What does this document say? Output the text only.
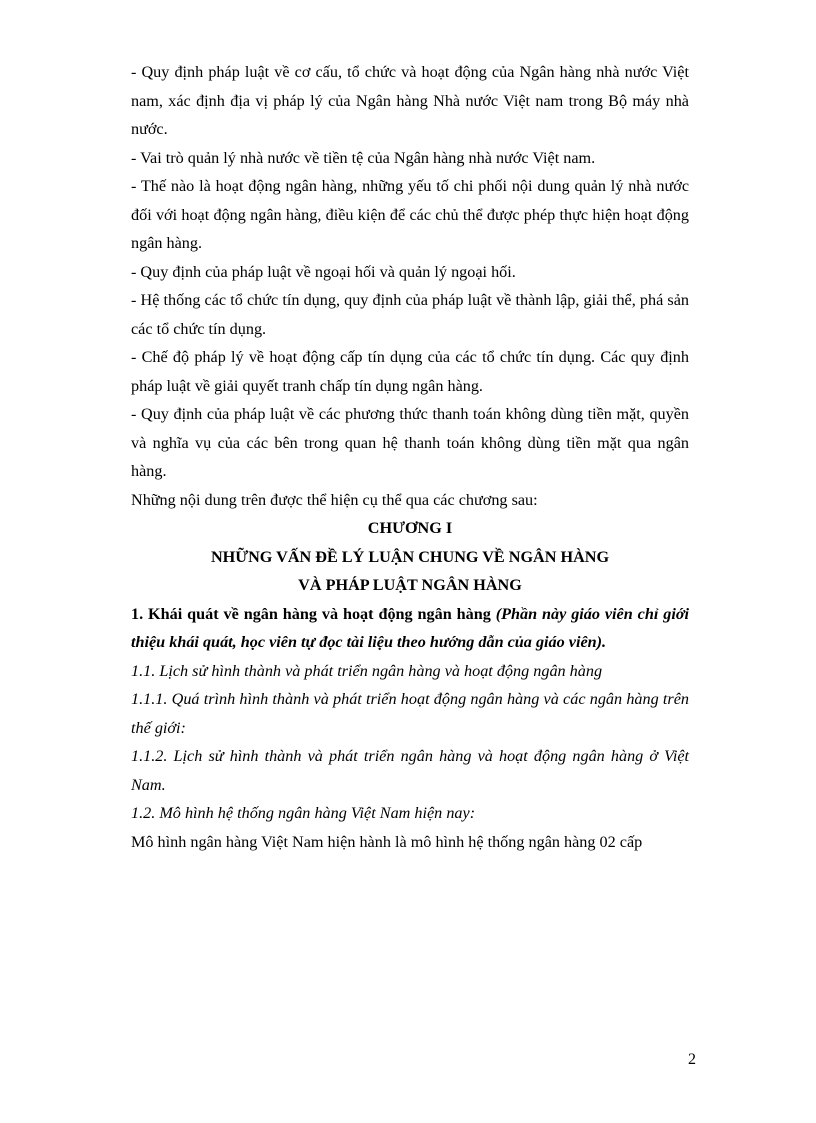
- Quy định pháp luật về cơ cấu, tổ chức và hoạt động của Ngân hàng nhà nước Việt nam, xác định địa vị pháp lý của Ngân hàng Nhà nước Việt nam trong Bộ máy nhà nước.

- Vai trò quản lý nhà nước về tiền tệ của Ngân hàng nhà nước Việt nam.

- Thế nào là hoạt động ngân hàng, những yếu tố chi phối nội dung quản lý nhà nước đối với hoạt động ngân hàng, điều kiện để các chủ thể được phép thực hiện hoạt động ngân hàng.

- Quy định của pháp luật về ngoại hối và quản lý ngoại hối.

- Hệ thống các tổ chức tín dụng, quy định của pháp luật về thành lập, giải thể, phá sản các tổ chức tín dụng.

- Chế độ pháp lý về hoạt động cấp tín dụng của các tổ chức tín dụng. Các quy định pháp luật về giải quyết tranh chấp tín dụng ngân hàng.

- Quy định của pháp luật về các phương thức thanh toán không dùng tiền mặt, quyền và nghĩa vụ của các bên trong quan hệ thanh toán không dùng tiền mặt qua ngân hàng.

Những nội dung trên được thể hiện cụ thể qua các chương sau:

CHƯƠNG I

NHỮNG VẤN ĐỀ LÝ LUẬN CHUNG VỀ NGÂN HÀNG

VÀ PHÁP LUẬT NGÂN HÀNG

1. Khái quát về ngân hàng và hoạt động ngân hàng (Phần này giáo viên chỉ giới thiệu khái quát, học viên tự đọc tài liệu theo hướng dẫn của giáo viên).

1.1. Lịch sử hình thành và phát triển ngân hàng và hoạt động ngân hàng

1.1.1. Quá trình hình thành và phát triển hoạt động ngân hàng và các ngân hàng trên thế giới:

1.1.2. Lịch sử hình thành và phát triển ngân hàng và hoạt động ngân hàng ở Việt Nam.

1.2. Mô hình hệ thống ngân hàng Việt Nam hiện nay:

Mô hình ngân hàng Việt Nam hiện hành là mô hình hệ thống ngân hàng 02 cấp

2
